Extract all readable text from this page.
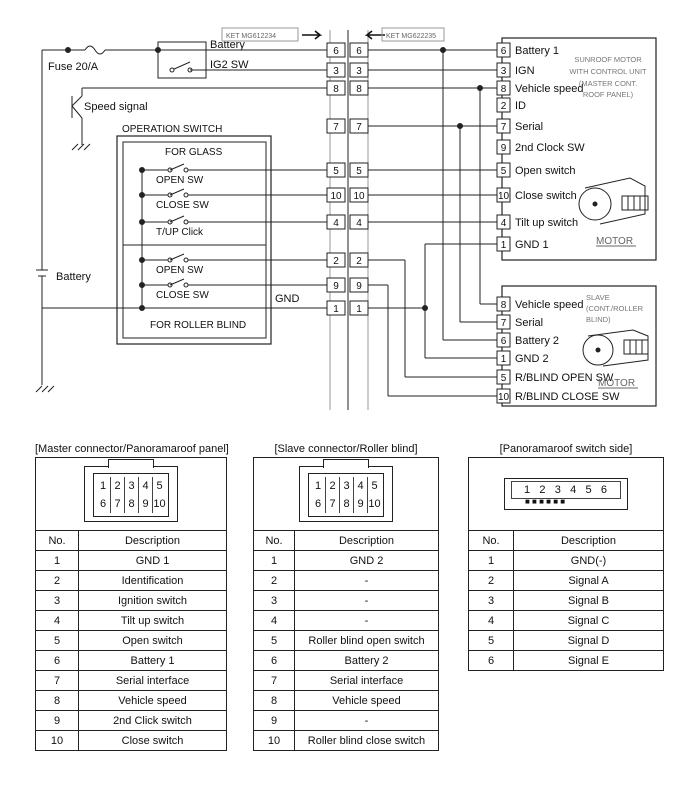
Fuse 20/A
Battery
IG2 SW
Speed signal
Battery
OPERATION SWITCH
FOR GLASS
FOR ROLLER BLIND
OPEN SW
CLOSE SW
T/UP Click
OPEN SW
CLOSE SW	GND
KET MG612234	KET MG622235
6 6
3 3
8 8
7 7
5 5
10 10
4 4
2 2
9 9
1 1
SUNROOF MOTOR
WITH CONTROL UNIT
(MASTER CONT.
ROOF PANEL)
6 Battery 1
3 IGN
8 Vehicle speed
2 ID
7 Serial
9 2nd Clock SW
5 Open switch
10 Close switch
4 Tilt up switch
1 GND 1	MOTOR
SLAVE
(CONT./ROLLER
BLIND)
8 Vehicle speed
7 Serial
6 Battery 2
1 GND 2
5 R/BLIND OPEN SW
10 R/BLIND CLOSE SW
MOTOR
[Master connector/Panoramaroof panel]
1 2 3 4 5
6 7 8 9 10
No.	Description
1	GND 1
2	Identification
3	Ignition switch
4	Tilt up switch
5	Open switch
6	Battery 1
7	Serial interface
8	Vehicle speed
9	2nd Click switch
10	Close switch
[Slave connector/Roller blind]
1 2 3 4 5
6 7 8 9 10
No.	Description
1	GND 2
2	-
3	-
4	-
5	Roller blind open switch
6	Battery 2
7	Serial interface
8	Vehicle speed
9	-
10	Roller blind close switch
[Panoramaroof switch side]
1 2 3 4 5 6
■ ■ ■ ■ ■ ■
No.	Description
1	GND(-)
2	Signal A
3	Signal B
4	Signal C
5	Signal D
6	Signal E
